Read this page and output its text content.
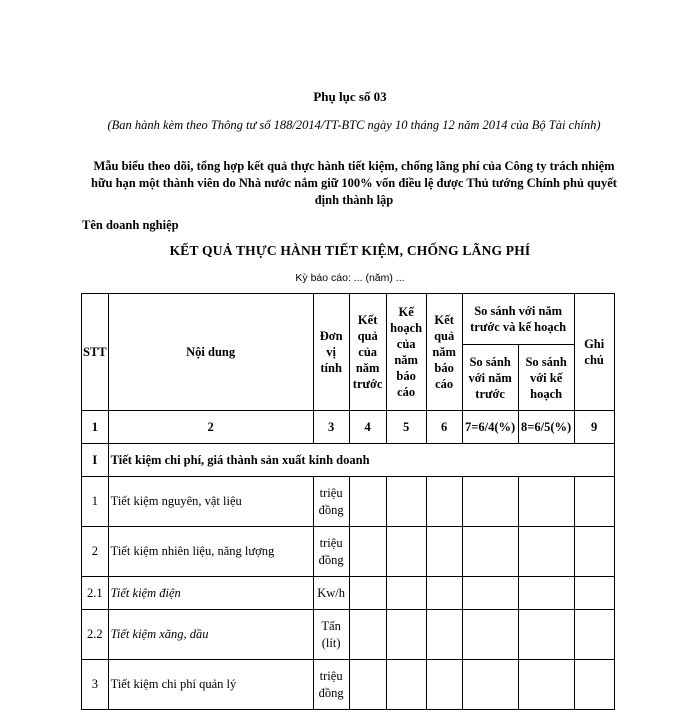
Phụ lục số 03
(Ban hành kèm theo Thông tư số 188/2014/TT-BTC ngày 10 tháng 12 năm 2014 của Bộ Tài chính)
Mẫu biểu theo dõi, tổng hợp kết quả thực hành tiết kiệm, chống lãng phí của Công ty trách nhiệm hữu hạn một thành viên do Nhà nước nắm giữ 100% vốn điều lệ được Thủ tướng Chính phủ quyết định thành lập
Tên doanh nghiệp
KẾT QUẢ THỰC HÀNH TIẾT KIỆM, CHỐNG LÃNG PHÍ
Kỳ báo cáo: ... (năm) ...
STT	Nội dung	Đơn vị tính	Kết quả của năm trước	Kế hoạch của năm báo cáo	Kết quả năm báo cáo	So sánh với năm trước và kế hoạch		Ghi chú
						So sánh với năm trước	So sánh với kế hoạch	
1	2	3	4	5	6	7=6/4(%)	8=6/5(%)	9
I	Tiết kiệm chi phí, giá thành sản xuất kinh doanh							
1	Tiết kiệm nguyên, vật liệu	triệu đồng						
2	Tiết kiệm nhiên liệu, năng lượng	triệu đồng						
2.1	Tiết kiệm điện	Kw/h						
2.2	Tiết kiệm xăng, dầu	Tấn (lít)						
3	Tiết kiệm chi phí quản lý	triệu đồng						
